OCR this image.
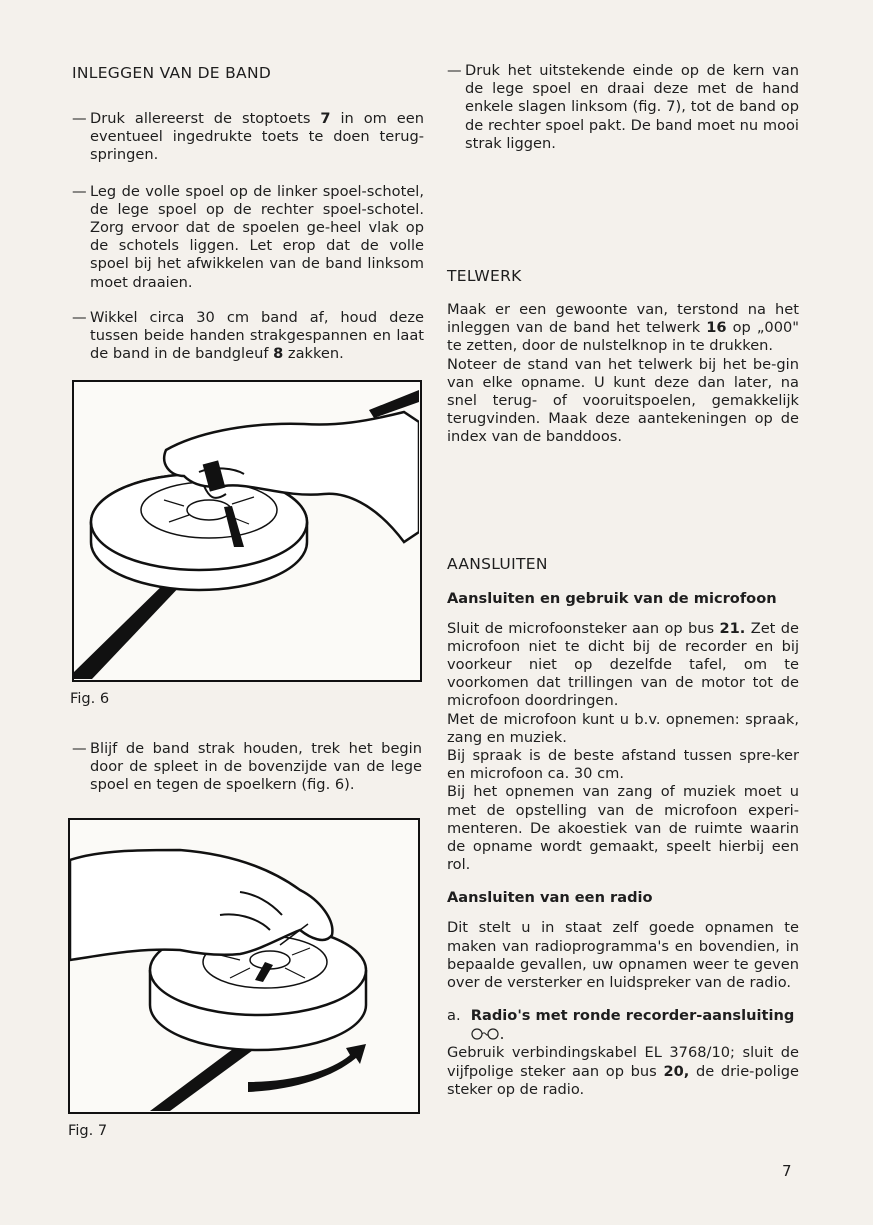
INLEGGEN VAN DE BAND

— Druk allereerst de stoptoets 7 in om een eventueel ingedrukte toets te doen terug-springen.

— Leg de volle spoel op de linker spoel-schotel, de lege spoel op de rechter spoel-schotel. Zorg ervoor dat de spoelen ge-heel vlak op de schotels liggen. Let erop dat de volle spoel bij het afwikkelen van de band linksom moet draaien.

— Wikkel circa 30 cm band af, houd deze tussen beide handen strakgespannen en laat de band in de bandgleuf 8 zakken.

Fig. 6

— Blijf de band strak houden, trek het begin door de spleet in de bovenzijde van de lege spoel en tegen de spoelkern (fig. 6).

Fig. 7

— Druk het uitstekende einde op de kern van de lege spoel en draai deze met de hand enkele slagen linksom (fig. 7), tot de band op de rechter spoel pakt. De band moet nu mooi strak liggen.

TELWERK

Maak er een gewoonte van, terstond na het inleggen van de band het telwerk 16 op „000" te zetten, door de nulstelknop in te drukken.

Noteer de stand van het telwerk bij het be-gin van elke opname. U kunt deze dan later, na snel terug- of vooruitspoelen, gemakkelijk terugvinden. Maak deze aantekeningen op de index van de banddoos.

AANSLUITEN

Aansluiten en gebruik van de microfoon

Sluit de microfoonsteker aan op bus 21. Zet de microfoon niet te dicht bij de recorder en bij voorkeur niet op dezelfde tafel, om te voorkomen dat trillingen van de motor tot de microfoon doordringen.

Met de microfoon kunt u b.v. opnemen: spraak, zang en muziek.

Bij spraak is de beste afstand tussen spre-ker en microfoon ca. 30 cm.

Bij het opnemen van zang of muziek moet u met de opstelling van de microfoon experi-menteren. De akoestiek van de ruimte waarin de opname wordt gemaakt, speelt hierbij een rol.

Aansluiten van een radio

Dit stelt u in staat zelf goede opnamen te maken van radioprogramma's en bovendien, in bepaalde gevallen, uw opnamen weer te geven over de versterker en luidspreker van de radio.

a. Radio's met ronde recorder-aansluiting

Gebruik verbindingskabel EL 3768/10; sluit de vijfpolige steker aan op bus 20, de drie-polige steker op de radio.

7
